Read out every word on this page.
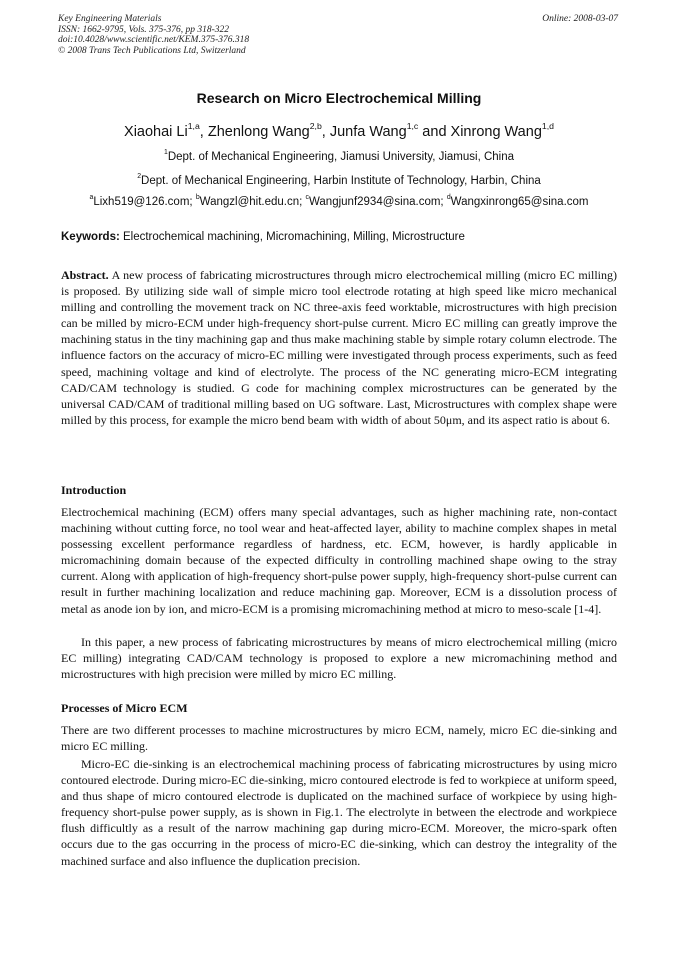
Key Engineering Materials
ISSN: 1662-9795, Vols. 375-376, pp 318-322
doi:10.4028/www.scientific.net/KEM.375-376.318
© 2008 Trans Tech Publications Ltd, Switzerland
Online: 2008-03-07
Research on Micro Electrochemical Milling
Xiaohai Li$^{1,a}$, Zhenlong Wang$^{2,b}$, Junfa Wang$^{1,c}$ and Xinrong Wang$^{1,d}$
$^1$Dept. of Mechanical Engineering, Jiamusi University, Jiamusi, China
$^2$Dept. of Mechanical Engineering, Harbin Institute of Technology, Harbin, China
$^a$Lixh519@126.com; $^b$Wangzl@hit.edu.cn; $^c$Wangjunf2934@sina.com; $^d$Wangxinrong65@sina.com
Keywords: Electrochemical machining, Micromachining, Milling, Microstructure
Abstract. A new process of fabricating microstructures through micro electrochemical milling (micro EC milling) is proposed. By utilizing side wall of simple micro tool electrode rotating at high speed like micro mechanical milling and controlling the movement track on NC three-axis feed worktable, microstructures with high precision can be milled by micro-ECM under high-frequency short-pulse current. Micro EC milling can greatly improve the machining status in the tiny machining gap and thus make machining stable by simple rotary column electrode. The influence factors on the accuracy of micro-EC milling were investigated through process experiments, such as feed speed, machining voltage and kind of electrolyte. The process of the NC generating micro-ECM integrating CAD/CAM technology is studied. G code for machining complex microstructures can be generated by the universal CAD/CAM of traditional milling based on UG software. Last, Microstructures with complex shape were milled by this process, for example the micro bend beam with width of about 50μm, and its aspect ratio is about 6.
Introduction
Electrochemical machining (ECM) offers many special advantages, such as higher machining rate, non-contact machining without cutting force, no tool wear and heat-affected layer, ability to machine complex shapes in metal possessing excellent performance regardless of hardness, etc. ECM, however, is hardly applicable in micromachining domain because of the expected difficulty in controlling machined shape owing to the stray current. Along with application of high-frequency short-pulse power supply, high-frequency short-pulse current can result in further machining localization and reduce machining gap. Moreover, ECM is a dissolution process of metal as anode ion by ion, and micro-ECM is a promising micromachining method at micro to meso-scale [1-4].
In this paper, a new process of fabricating microstructures by means of micro electrochemical milling (micro EC milling) integrating CAD/CAM technology is proposed to explore a new micromachining method and microstructures with high precision were milled by micro EC milling.
Processes of Micro ECM
There are two different processes to machine microstructures by micro ECM, namely, micro EC die-sinking and micro EC milling.
Micro-EC die-sinking is an electrochemical machining process of fabricating microstructures by using micro contoured electrode. During micro-EC die-sinking, micro contoured electrode is fed to workpiece at uniform speed, and thus shape of micro contoured electrode is duplicated on the machined surface of workpiece by using high-frequency short-pulse power supply, as is shown in Fig.1. The electrolyte in between the electrode and workpiece flush difficultly as a result of the narrow machining gap during micro-ECM. Moreover, the micro-spark often occurs due to the gas occurring in the process of micro-EC die-sinking, which can destroy the integrality of the machined surface and also influence the duplication precision.
